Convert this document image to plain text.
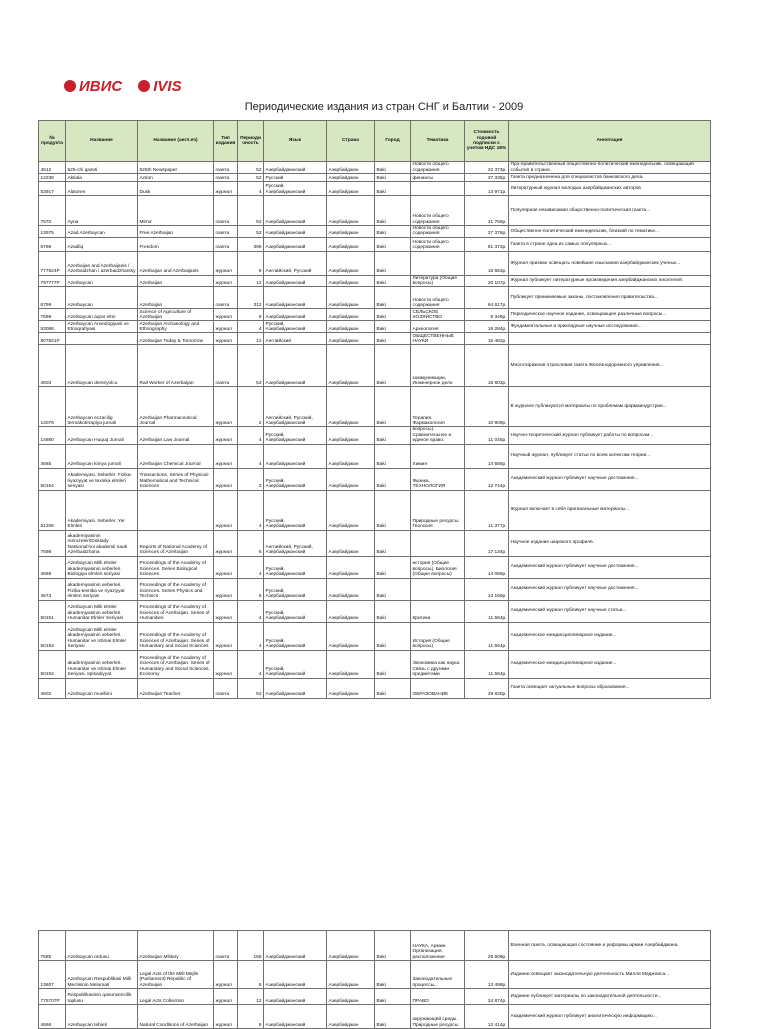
ИВИС IVIS
Периодические издания из стран СНГ и Балтии - 2009
№ продукта	Название	Название (англ.яз)	Тип издания	Периодичность	Язык	Страна	Город	Тематика	Стоимость годовой подписки с учетом НДС 18%	Аннотация
4612	525-chi qazeti	525th Newspaper	газета	52	Азербайджанский	Азербайджан	Baki	Новости общего содержания	22 373р.	Про-правительственный общественно-политический еженедельник, освещающий события в стране.
12238	Aktiala	Action	газета	52	Русский	Азербайджан	Baki	финансы	37 335р.	Газета предназначена для специалистов банковского дела.
53917	Alatoren	Dusk	журнал	4	Русский, Азербайджанский	Азербайджан	Baki		13 971р.	Литературный журнал молодых азербайджанских авторов
7570	Ayna	Mirror	газета	52	Азербайджанский	Азербайджан	Baki	Новости общего содержания	31 769р.	Популярная независимая общественно-политическая газета...
13975	Azad Azerbaycan	Free Azerbaijan	газета	52	Азербайджанский	Азербайджан	Baki	Новости общего содержания	27 376р.	Общественно-политический еженедельник, близкий по тематике...
6798	Azadliq	Freedom	газета	396	Азербайджанский	Азербайджан	Baki	Новости общего содержания	81 373р.	Газета в стране одна из самых популярных...
777624P	Azerbaijan and Azerbaijanis / Azerbaidzhan i azerbaidzhantsy	Azerbaijan and Azerbaijanis	журнал	6	Английский, Русский	Азербайджан	Baki		16 653р.	Журнал призван освещать новейшие изыскания азербайджанских ученых...
797777P	Azerbaycan	Azerbaijan	журнал	12	Азербайджанский	Азербайджан	Baki	Литература (Общие вопросы)	20 107р.	Журнал публикует литературные произведения азербайджанских писателей.
6799	Azerbaycan	Azerbaijan	газета	312	Азербайджанский	Азербайджан	Baki	Новости общего содержания	64 617р.	Публикует принимаемые законы, постановления правительства...
7599	Azerbaycan aqrar elmi	Science of Agriculture of Azerbaijan	журнал	6	Азербайджанский	Азербайджан	Baki	СЕЛЬСКОЕ ХОЗЯЙСТВО	9 346р.	Периодическое научное издание, освещающее различные вопросы...
53088	Azerbaycan Arxeologiyasi ve Etnoqrafiyasi	Azerbaijan Archaeology and Ethnography	журнал	4	Русский, Азербайджанский	Азербайджан	Baki	Археология	16 284р.	Фундаментальные и прикладные научные исследования...
807821P		Azerbaijan Today & Tomorrow	журнал	12	Английский	Азербайджан	Baki	ОБЩЕСТВЕННЫЕ НАУКИ	15 482р.	
4603	Azerbaycan demiryolcu	Rail Worker of Azerbaijan	газета	52	Азербайджанский	Азербайджан	Baki	коммуникации, Инженерное дело	16 803р.	Многотиражная отраслевая газета Железнодорожного управления...
14075	Azerbaycan eczacilig termakoterapiya jurnali	Azerbaijan Pharmaceutical Journal	журнал	2	Английский, Русский, Азербайджанский	Азербайджан	Baki	Терапия. Фармакология	10 809р.	В журнале публикуются материалы по проблемам фармаиндустрии...
14880	Azerbaycan Huquq Jurnali	Azerbaijan Law Journal	журнал	4	Русский, Азербайджанский	Азербайджан	Baki	вопросы). Сравнительное и единое право.	11 045р.	Научно-теоретический журнал публикует работы по вопросам...
4665	Azerbaycan kimya jurnali	Azerbaijan Chemical Journal	журнал	4	Азербайджанский	Азербайджан	Baki	Химия	14 585р.	Научный журнал, публикует статьи по всем аспектам теории...
50154	Akademiyasi. Xeberler. Fizika-riyaziyyat ve texnika elmleri seriyasi	Transactions. Series of Physical-Mathematical and Technical Sciences	журнал	3	Русский, Азербайджанский	Азербайджан	Baki	Физика, ТЕХНОЛОГИЯ	12 744р.	Академический журнал публикует научные достижения...
51206	Akademiyasi. Xeberler. Yer Elmleri		журнал	4	Русский, Азербайджанский	Азербайджан	Baki	Природные ресурсы, Геология	11 377р.	Журнал включает в себя оригинальные материалы...
7598	akademiyasinin meruzeleri/Doklady Natsional'noi akademii nauk Azerbaidzhana	Reports of National Academy of Sciences of Azerbaijan	журнал	6	Английский, Русский, Азербайджанский	Азербайджан	Baki		17 134р.	Научное издание широкого профиля.
4668	Azerbaycan Milli elmler akademiyasinin xeberleri. Biologiya elmleri seriyasi	Proceedings of the Academy of Sciences. Series Biological Sciences	журнал	4	Русский, Азербайджанский	Азербайджан	Baki	история (Общие вопросы), Биология (Общие вопросы)	14 068р.	Академический журнал публикует научные достижения...
4673	akademiyasinin xeberleri. Fizika-texnika ve riyaziyyat elmleri seriyasi	Proceedings of the Academy of Sciences. Series Physics and Technics	журнал	6	Русский, Азербайджанский	Азербайджан	Baki		13 169р.	Академический журнал публикует научные достижения...
50151	Azerbaycan Milli elmler akademiyasinin xeberleri. Humanitar Elmler Seriyasi	Proceedings of the Academy of Sciences of Azerbaijan. Series of Humanities	журнал	4	Русский, Азербайджанский	Азербайджан	Baki	Критика	11 564р.	Академический журнал публикует научные статьи...
50153	Azerbaycan Milli elmler akademiyasinin xeberleri. Humanitar ve Ictimai Elmler Seriyasi	Proceedings of the Academy of Sciences of Azerbaijan. Series of Humanitary and Social Sciences	журнал	4	Русский, Азербайджанский	Азербайджан	Baki	История (Общие вопросы)	11 564р.	Академическое междисциплинарное издание...
50152	akademiyasinin xeberleri. Humanitar ve Ictimai Elmler Seriyasi. Iqtisadiyyat	Proceedings of the Academy of Sciences of Azerbaijan. Series of Humanitary and Social Sciences. Economy	журнал	4	Русский, Азербайджанский	Азербайджан	Baki	Экономика как наука. Связь с другими предметами	11 564р.	Академическое междисциплинарное издание...
4602	Azerbaycan muellimi	Azerbaijan Teacher	газета	52	Азербайджанский	Азербайджан	Baki	ОБРАЗОВАНИЕ	29 830р.	Газета освещает актуальные вопросы образования...
7585	Azerbaycan ordusu	Azerbaijan Military	газета	168	Азербайджанский	Азербайджан	Baki	НАУКА, Армии. Организация, расположение	28 509р.	Военная газета, освещающая состояние и реформы армии Азербайджана.
13607	Azerbaycan Respublikasi Milli Meclisinin Melumati	Legal Acts of the Milli Mejlis (Parliament) Republic of Azerbaijan	журнал	6	Азербайджанский	Азербайджан	Baki	Законодательные процессы...	13 499р.	Издание освещает законодательную деятельность Милли Меджлиса...
775707P	Respublikasinin qanunvericilik toplusu	Legal Acts Collection	журнал	12	Азербайджанский	Азербайджан	Baki	ПРАВО	24 874р.	Издание публикует материалы по законодательной деятельности...
4666	Azerbaycan tebieti	Natural Conditions of Azerbaijan	журнал	6	Азербайджанский	Азербайджан	Baki	окружающей среды. Природные ресурсы	12 414р.	Академический журнал публикует аналитическую информацию...
